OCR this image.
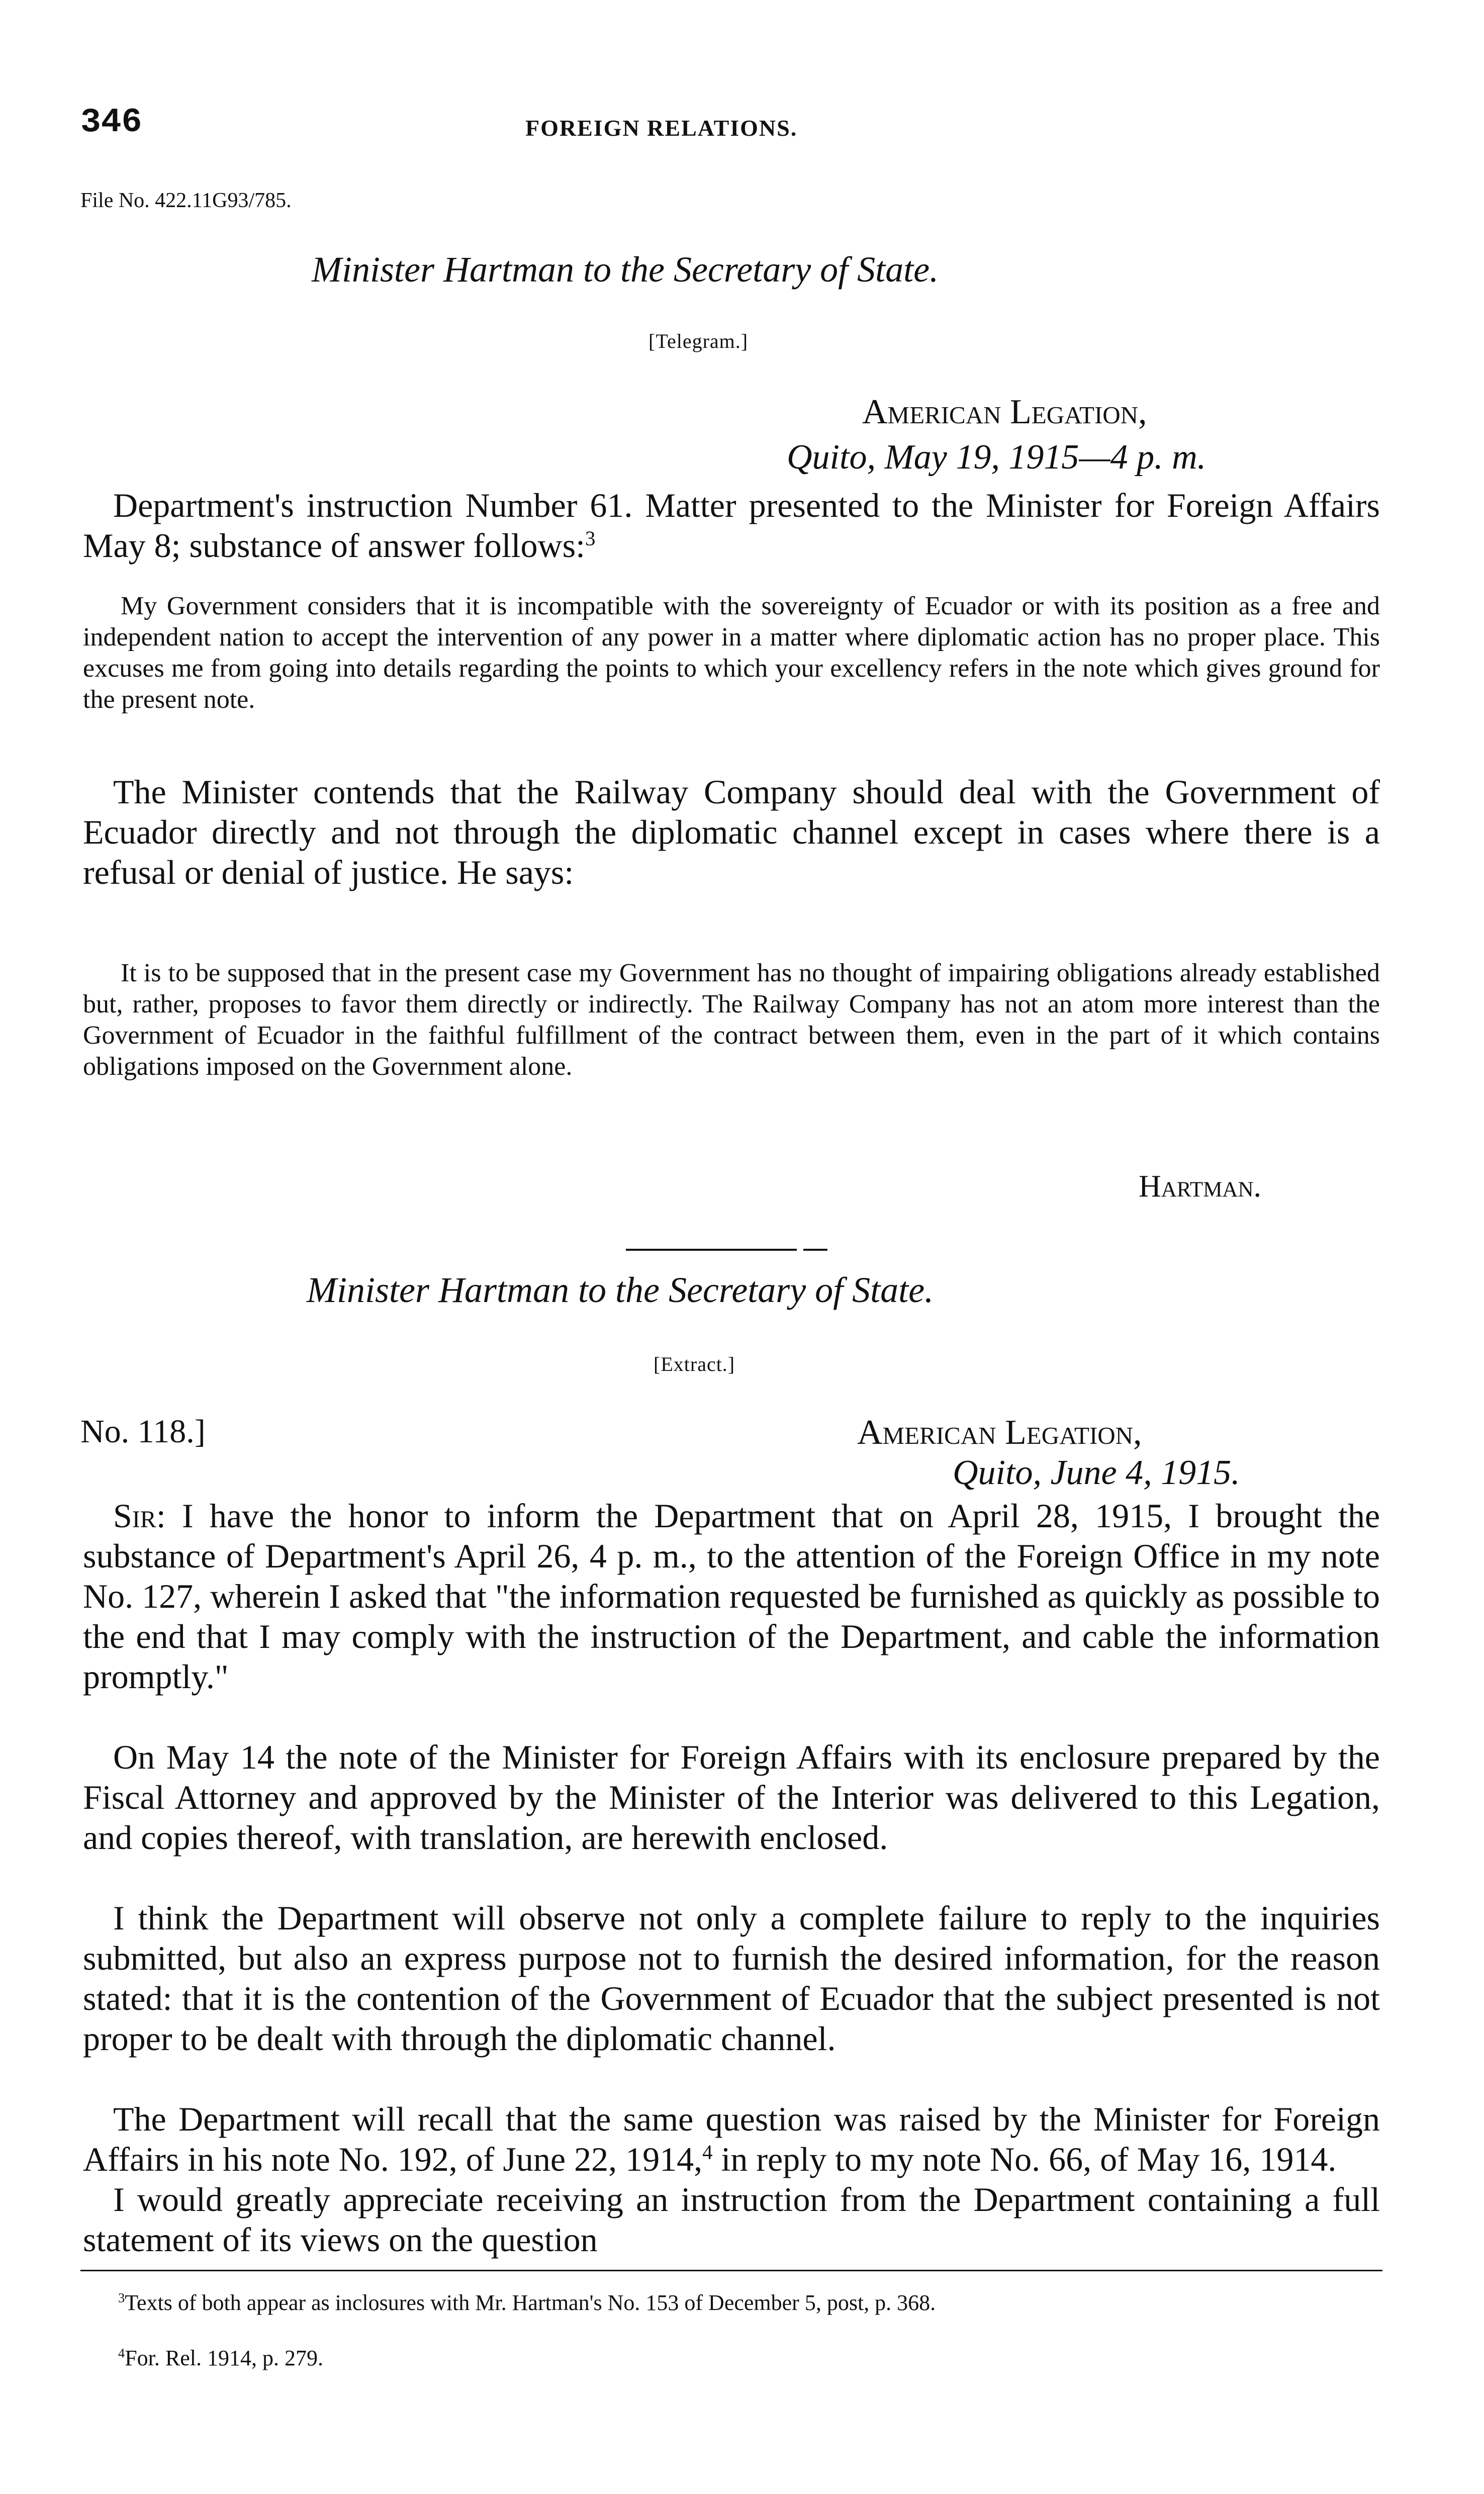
346	FOREIGN RELATIONS.
File No. 422.11G93/785.
Minister Hartman to the Secretary of State.
[Telegram.]
American Legation,
Quito, May 19, 1915—4 p. m.
Department's instruction Number 61. Matter presented to the Minister for Foreign Affairs May 8; substance of answer follows:$^3$
My Government considers that it is incompatible with the sovereignty of Ecuador or with its position as a free and independent nation to accept the intervention of any power in a matter where diplomatic action has no proper place. This excuses me from going into details regarding the points to which your excellency refers in the note which gives ground for the present note.
The Minister contends that the Railway Company should deal with the Government of Ecuador directly and not through the diplomatic channel except in cases where there is a refusal or denial of justice. He says:
It is to be supposed that in the present case my Government has no thought of impairing obligations already established but, rather, proposes to favor them directly or indirectly. The Railway Company has not an atom more interest than the Government of Ecuador in the faithful fulfillment of the contract between them, even in the part of it which contains obligations imposed on the Government alone.
Hartman.
Minister Hartman to the Secretary of State.
[Extract.]
No. 118.]	American Legation,
Quito, June 4, 1915.
Sir: I have the honor to inform the Department that on April 28, 1915, I brought the substance of Department's April 26, 4 p. m., to the attention of the Foreign Office in my note No. 127, wherein I asked that "the information requested be furnished as quickly as possible to the end that I may comply with the instruction of the Department, and cable the information promptly."
On May 14 the note of the Minister for Foreign Affairs with its enclosure prepared by the Fiscal Attorney and approved by the Minister of the Interior was delivered to this Legation, and copies thereof, with translation, are herewith enclosed.
I think the Department will observe not only a complete failure to reply to the inquiries submitted, but also an express purpose not to furnish the desired information, for the reason stated: that it is the contention of the Government of Ecuador that the subject presented is not proper to be dealt with through the diplomatic channel.
The Department will recall that the same question was raised by the Minister for Foreign Affairs in his note No. 192, of June 22, 1914,$^4$ in reply to my note No. 66, of May 16, 1914.
I would greatly appreciate receiving an instruction from the Department containing a full statement of its views on the question
$^3$Texts of both appear as inclosures with Mr. Hartman's No. 153 of December 5, post, p. 368.
$^4$For. Rel. 1914, p. 279.
